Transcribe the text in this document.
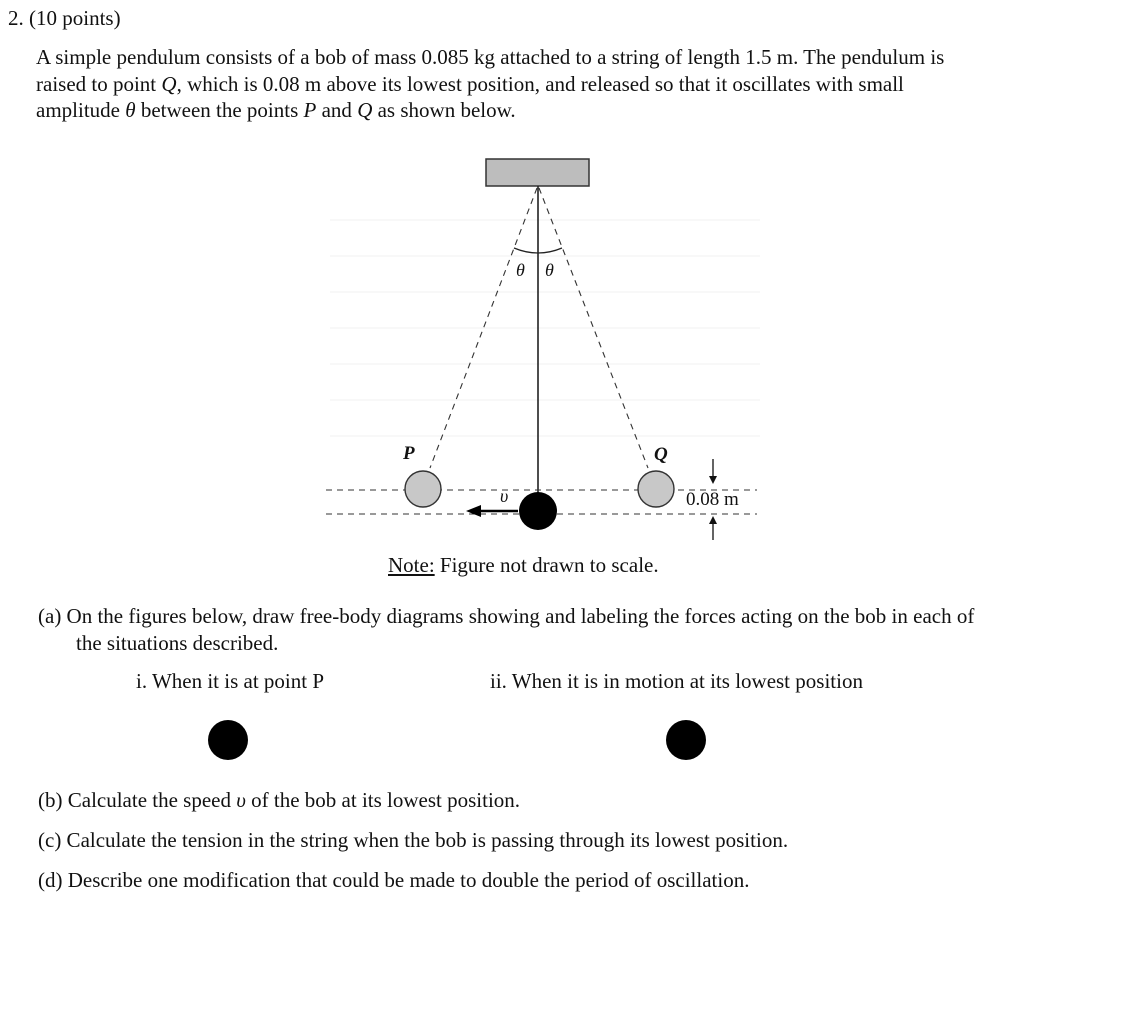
2. (10 points)
A simple pendulum consists of a bob of mass 0.085 kg attached to a string of length 1.5 m. The pendulum is
raised to point Q, which is 0.08 m above its lowest position, and released so that it oscillates with small
amplitude θ between the points P and Q as shown below.
θ θ
P	Q
υ	0.08 m
Note: Figure not drawn to scale.
(a) On the figures below, draw free-body diagrams showing and labeling the forces acting on the bob in each of
the situations described.
i. When it is at point P	ii. When it is in motion at its lowest position
(b) Calculate the speed υ of the bob at its lowest position.
(c) Calculate the tension in the string when the bob is passing through its lowest position.
(d) Describe one modification that could be made to double the period of oscillation.
